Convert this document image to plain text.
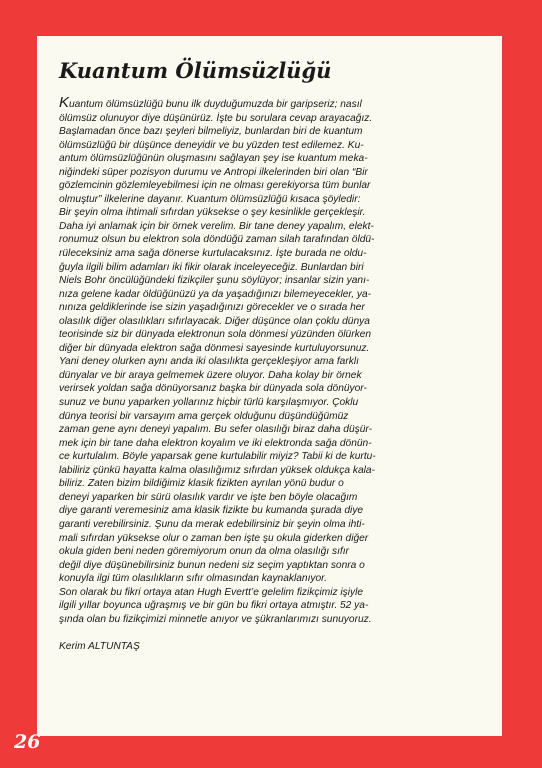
Kuantum Ölümsüzlüğü

Kuantum ölümsüzlüğü bunu ilk duyduğumuzda bir garipseriz; nasıl
ölümsüz olunuyor diye düşünürüz. İşte bu sorulara cevap arayacağız.
Başlamadan önce bazı şeyleri bilmeliyiz, bunlardan biri de kuantum
ölümsüzlüğü bir düşünce deneyidir ve bu yüzden test edilemez. Ku-
antum ölümsüzlüğünün oluşmasını sağlayan şey ise kuantum meka-
niğindeki süper pozisyon durumu ve Antropi ilkelerinden biri olan “Bir
gözlemcinin gözlemleyebilmesi için ne olması gerekiyorsa tüm bunlar
olmuştur” ilkelerine dayanır. Kuantum ölümsüzlüğü kısaca şöyledir:
Bir şeyin olma ihtimali sıfırdan yüksekse o şey kesinlikle gerçekleşir.
Daha iyi anlamak için bir örnek verelim. Bir tane deney yapalım, elekt-
ronumuz olsun bu elektron sola döndüğü zaman silah tarafından öldü-
rüleceksiniz ama sağa dönerse kurtulacaksınız. İşte burada ne oldu-
ğuyla ilgili bilim adamları iki fikir olarak inceleyeceğiz. Bunlardan biri
Niels Bohr öncülüğündeki fizikçiler şunu söylüyor; insanlar sizin yanı-
nıza gelene kadar öldüğünüzü ya da yaşadığınızı bilemeyecekler, ya-
nınıza geldiklerinde ise sizin yaşadığınızı görecekler ve o sırada her
olasılık diğer olasılıkları sıfırlayacak. Diğer düşünce olan çoklu dünya
teorisinde siz bir dünyada elektronun sola dönmesi yüzünden ölürken
diğer bir dünyada elektron sağa dönmesi sayesinde kurtuluyorsunuz.
Yani deney olurken aynı anda iki olasılıkta gerçekleşiyor ama farklı
dünyalar ve bir araya gelmemek üzere oluyor. Daha kolay bir örnek
verirsek yoldan sağa dönüyorsanız başka bir dünyada sola dönüyor-
sunuz ve bunu yaparken yollarınız hiçbir türlü karşılaşmıyor. Çoklu
dünya teorisi bir varsayım ama gerçek olduğunu düşündüğümüz
zaman gene aynı deneyi yapalım. Bu sefer olasılığı biraz daha düşür-
mek için bir tane daha elektron koyalım ve iki elektronda sağa dönün-
ce kurtulalım. Böyle yaparsak gene kurtulabilir miyiz? Tabii ki de kurtu-
labiliriz çünkü hayatta kalma olasılığımız sıfırdan yüksek oldukça kala-
biliriz. Zaten bizim bildiğimiz klasik fizikten ayrılan yönü budur o
deneyi yaparken bir sürü olasılık vardır ve işte ben böyle olacağım
diye garanti veremesiniz ama klasik fizikte bu kumanda şurada diye
garanti verebilirsiniz. Şunu da merak edebilirsiniz bir şeyin olma ihti-
mali sıfırdan yüksekse olur o zaman ben işte şu okula giderken diğer
okula giden beni neden göremiyorum onun da olma olasılığı sıfır
değil diye düşünebilirsiniz bunun nedeni siz seçim yaptıktan sonra o
konuyla ilgi tüm olasılıkların sıfır olmasından kaynaklanıyor.
Son olarak bu fikri ortaya atan Hugh Evertt’e gelelim fizikçimiz işiyle
ilgili yıllar boyunca uğraşmış ve bir gün bu fikri ortaya atmıştır. 52 ya-
şında olan bu fizikçimizi minnetle anıyor ve şükranlarımızı sunuyoruz.

Kerim ALTUNTAŞ

26
